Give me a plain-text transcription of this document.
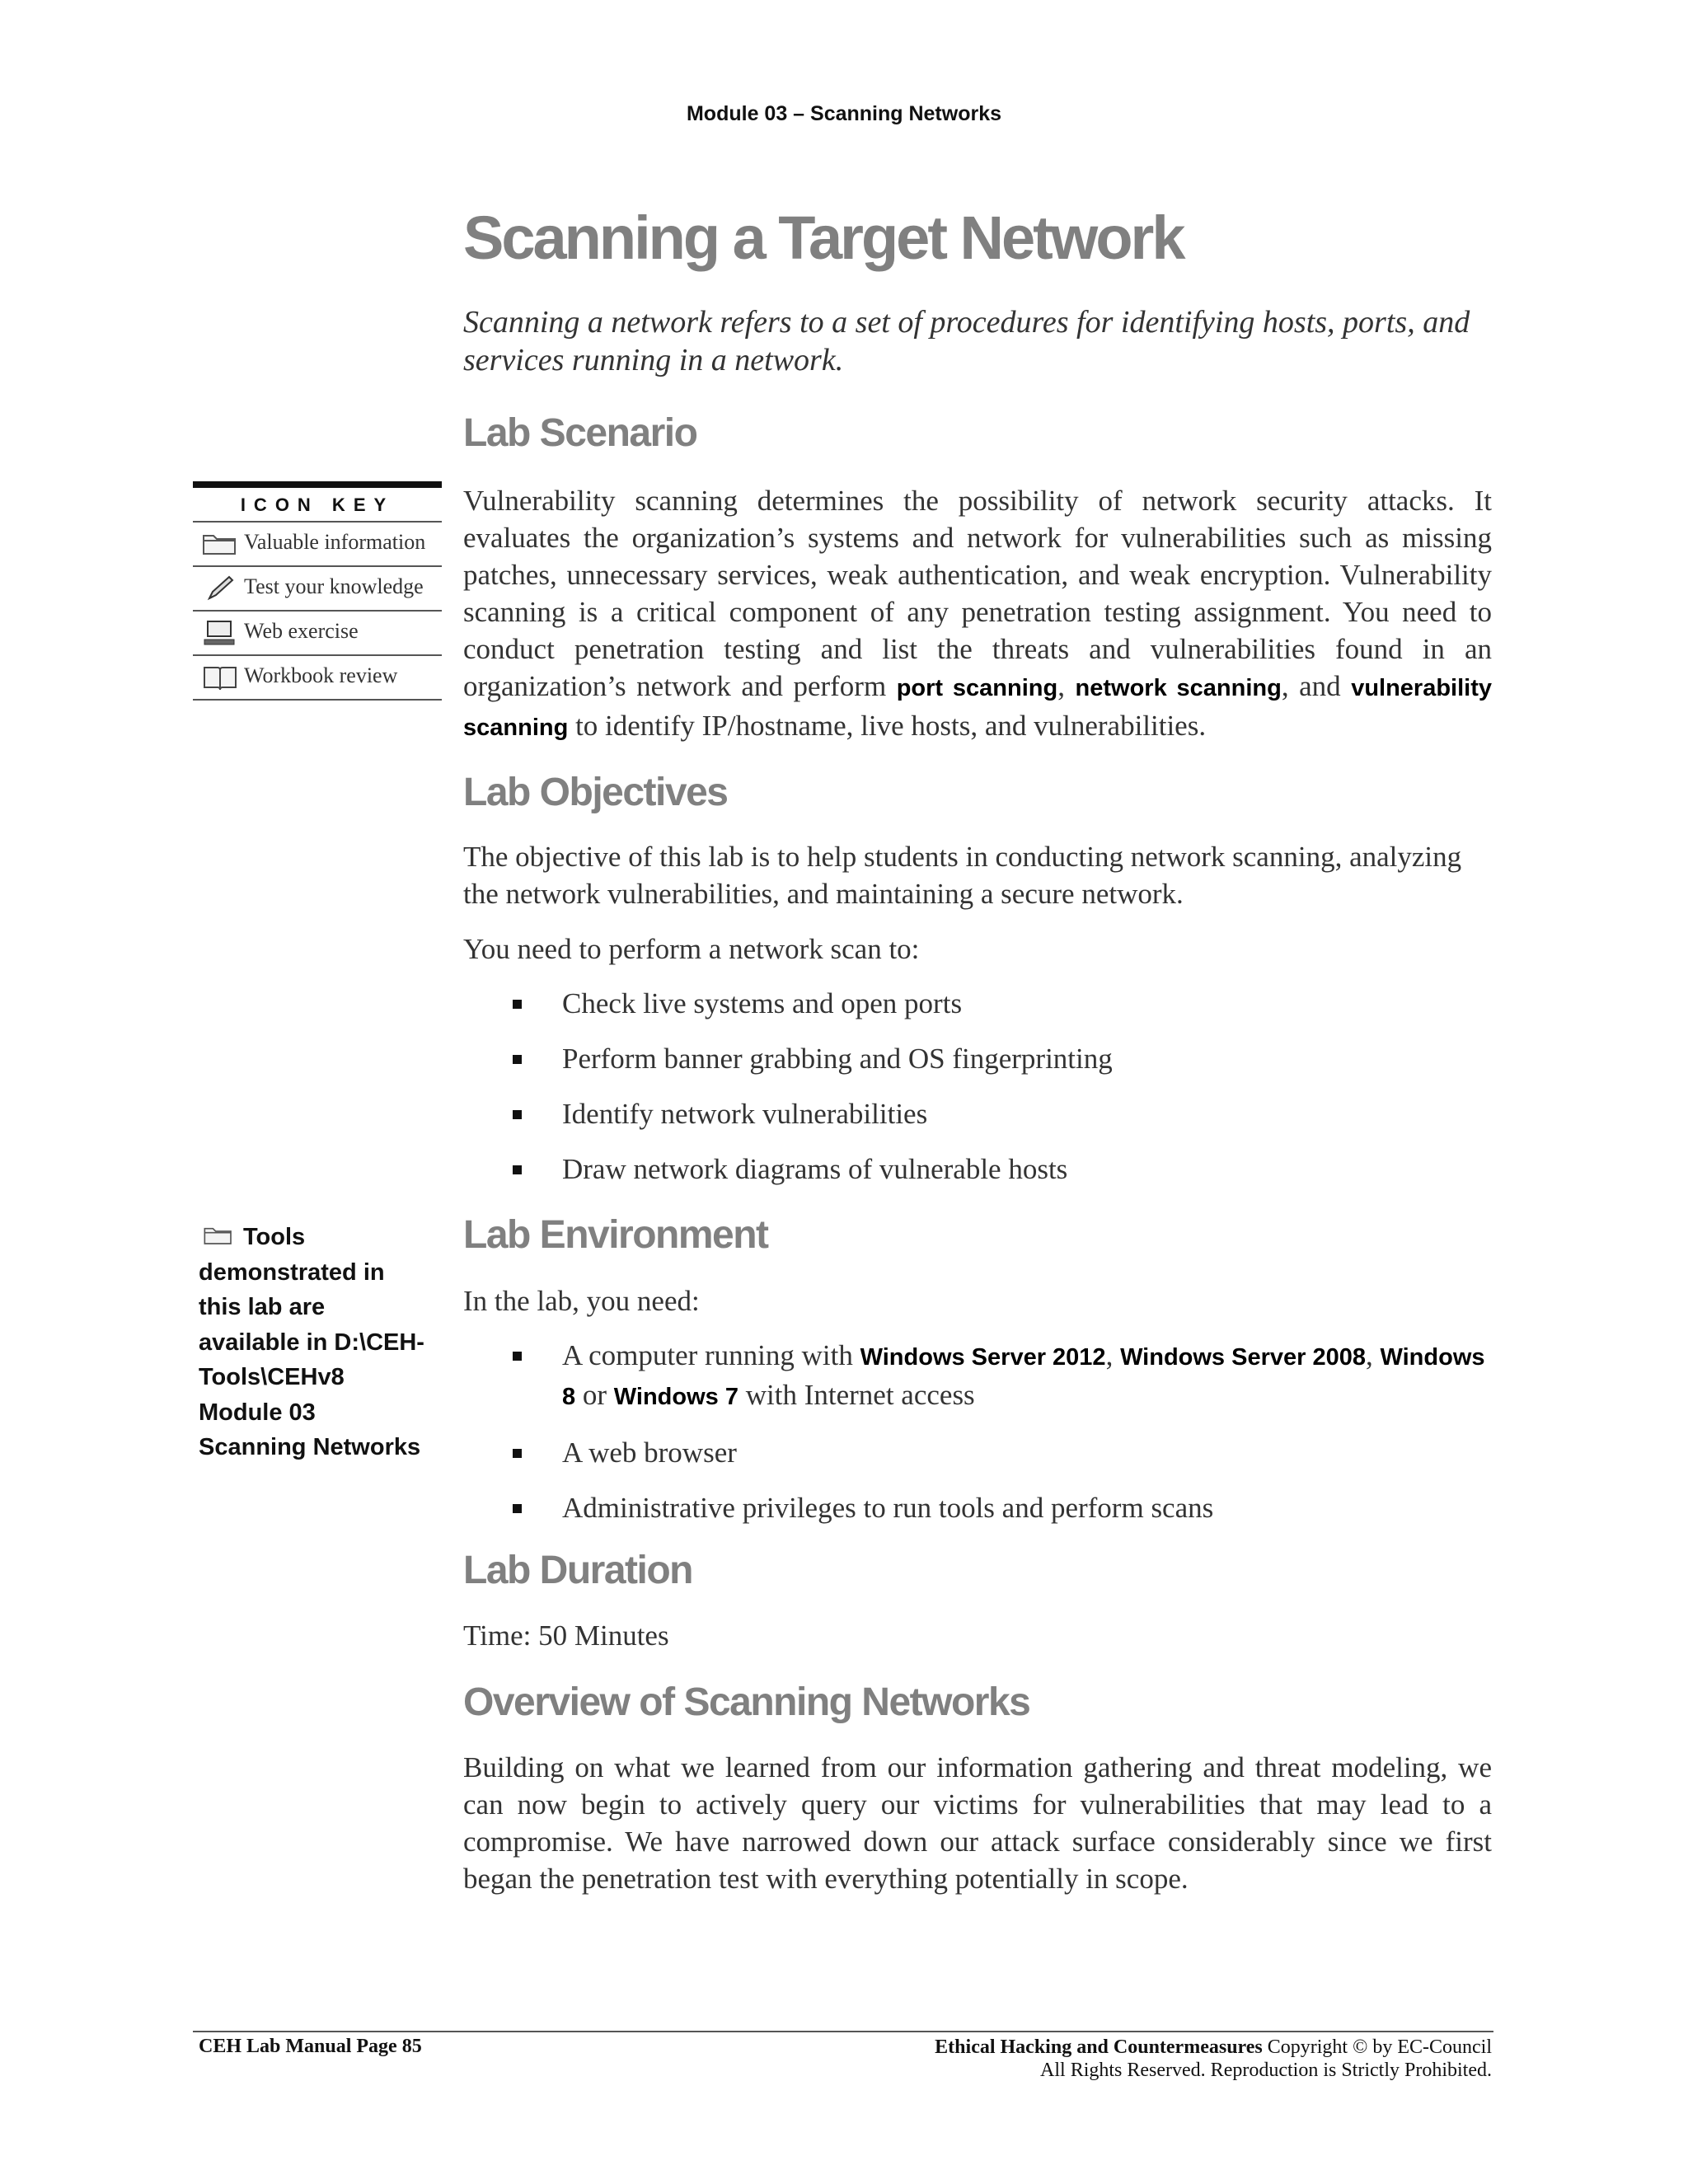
Module 03 – Scanning Networks
Scanning a Target Network

Scanning a network refers to a set of procedures for identifying hosts, ports, and services running in a network.

Lab Scenario

Vulnerability scanning determines the possibility of network security attacks. It evaluates the organization’s systems and network for vulnerabilities such as missing patches, unnecessary services, weak authentication, and weak encryption. Vulnerability scanning is a critical component of any penetration testing assignment. You need to conduct penetration testing and list the threats and vulnerabilities found in an organization’s network and perform port scanning, network scanning, and vulnerability scanning to identify IP/hostname, live hosts, and vulnerabilities.

ICON KEY
Valuable information
Test your knowledge
Web exercise
Workbook review
Lab Objectives

The objective of this lab is to help students in conducting network scanning, analyzing the network vulnerabilities, and maintaining a secure network.

You need to perform a network scan to:

Check live systems and open ports
Perform banner grabbing and OS fingerprinting
Identify network vulnerabilities
Draw network diagrams of vulnerable hosts
Tools demonstrated in this lab are available in D:\CEH-Tools\CEHv8 Module 03 Scanning Networks
Lab Environment

In the lab, you need:

A computer running with Windows Server 2012, Windows Server 2008, Windows 8 or Windows 7 with Internet access
A web browser
Administrative privileges to run tools and perform scans
Lab Duration

Time: 50 Minutes

Overview of Scanning Networks

Building on what we learned from our information gathering and threat modeling, we can now begin to actively query our victims for vulnerabilities that may lead to a compromise. We have narrowed down our attack surface considerably since we first began the penetration test with everything potentially in scope.

CEH Lab Manual Page 85	Ethical Hacking and Countermeasures Copyright © by EC-Council
All Rights Reserved. Reproduction is Strictly Prohibited.
